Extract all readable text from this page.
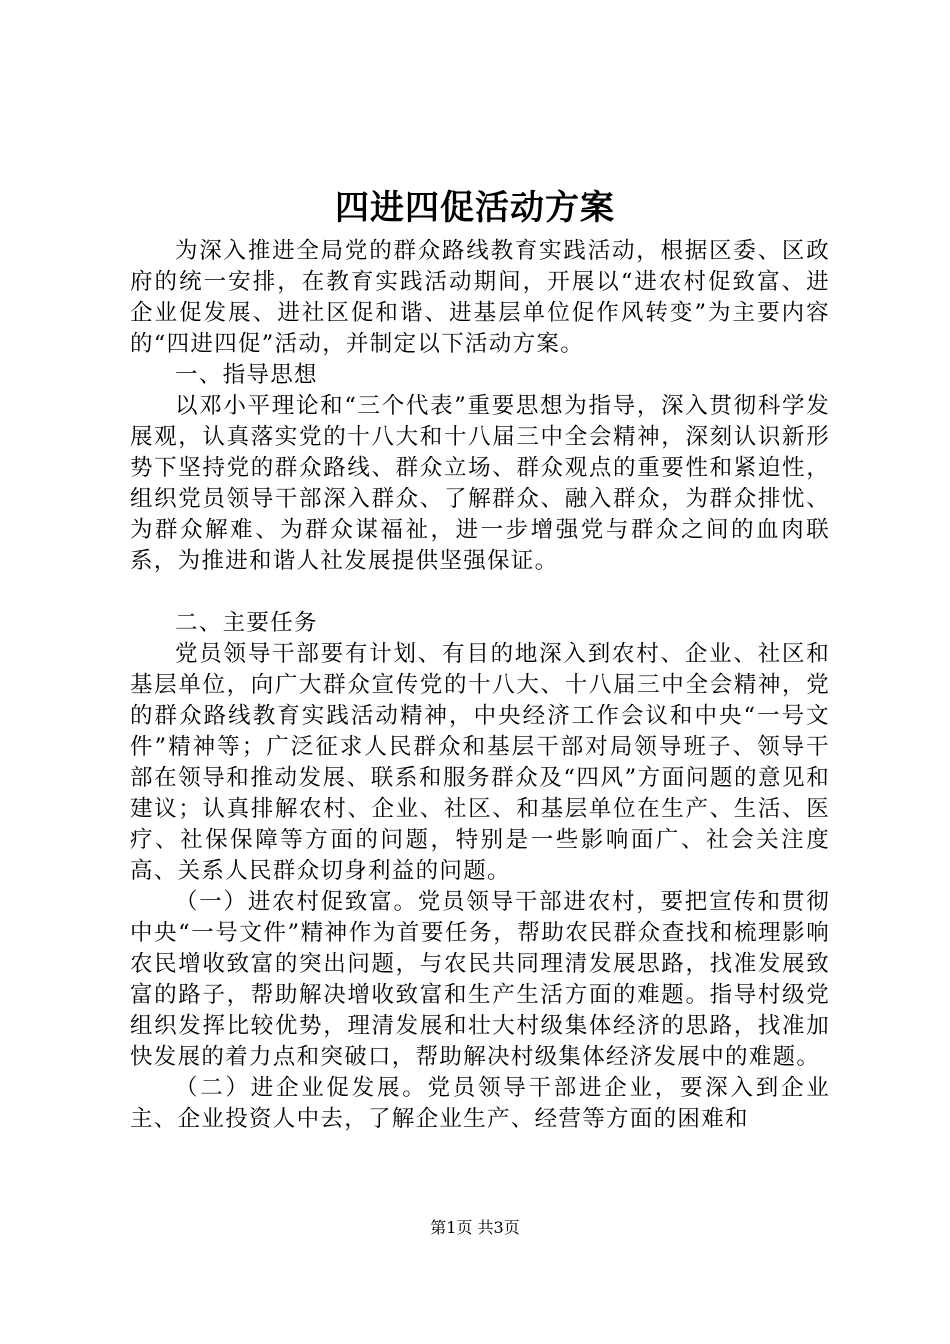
四进四促活动方案

为深入推进全局党的群众路线教育实践活动，根据区委、区政府的统一安排，在教育实践活动期间，开展以“进农村促致富、进企业促发展、进社区促和谐、进基层单位促作风转变”为主要内容的“四进四促”活动，并制定以下活动方案。

一、指导思想

以邓小平理论和“三个代表”重要思想为指导，深入贯彻科学发展观，认真落实党的十八大和十八届三中全会精神，深刻认识新形势下坚持党的群众路线、群众立场、群众观点的重要性和紧迫性，组织党员领导干部深入群众、了解群众、融入群众，为群众排忧、为群众解难、为群众谋福祉，进一步增强党与群众之间的血肉联系，为推进和谐人社发展提供坚强保证。

二、主要任务

党员领导干部要有计划、有目的地深入到农村、企业、社区和基层单位，向广大群众宣传党的十八大、十八届三中全会精神，党的群众路线教育实践活动精神，中央经济工作会议和中央“一号文件”精神等；广泛征求人民群众和基层干部对局领导班子、领导干部在领导和推动发展、联系和服务群众及“四风”方面问题的意见和建议；认真排解农村、企业、社区、和基层单位在生产、生活、医疗、社保保障等方面的问题，特别是一些影响面广、社会关注度高、关系人民群众切身利益的问题。

（一）进农村促致富。党员领导干部进农村，要把宣传和贯彻中央“一号文件”精神作为首要任务，帮助农民群众查找和梳理影响农民增收致富的突出问题，与农民共同理清发展思路，找准发展致富的路子，帮助解决增收致富和生产生活方面的难题。指导村级党组织发挥比较优势，理清发展和壮大村级集体经济的思路，找准加快发展的着力点和突破口，帮助解决村级集体经济发展中的难题。

（二）进企业促发展。党员领导干部进企业，要深入到企业主、企业投资人中去，了解企业生产、经营等方面的困难和

第1页 共3页
